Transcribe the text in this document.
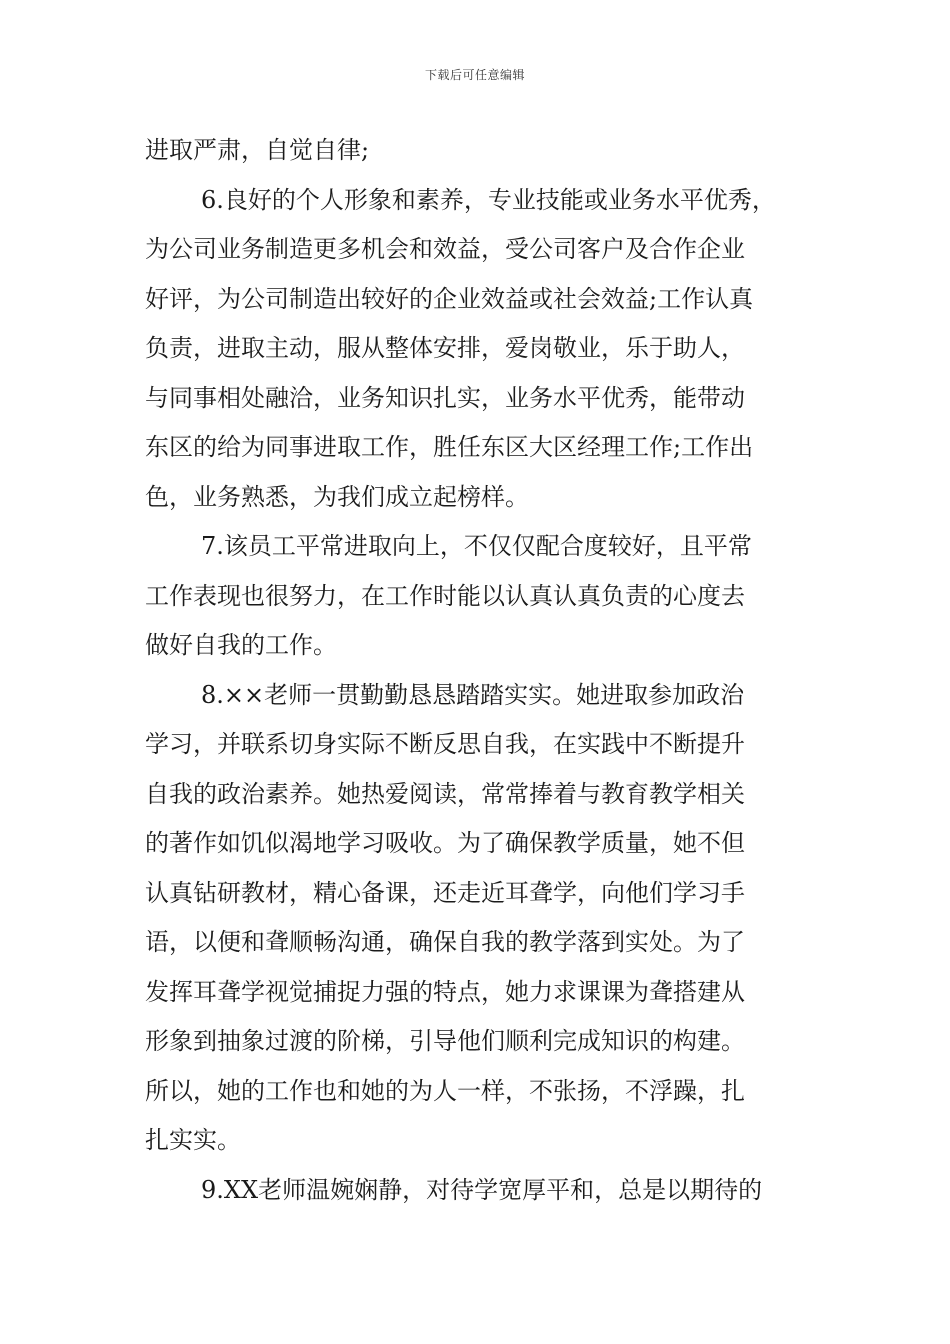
下载后可任意编辑
进取严肃，自觉自律;
6.良好的个人形象和素养，专业技能或业务水平优秀，
为公司业务制造更多机会和效益，受公司客户及合作企业
好评，为公司制造出较好的企业效益或社会效益;工作认真
负责，进取主动，服从整体安排，爱岗敬业，乐于助人，
与同事相处融洽，业务知识扎实，业务水平优秀，能带动
东区的给为同事进取工作，胜任东区大区经理工作;工作出
色，业务熟悉，为我们成立起榜样。
7.该员工平常进取向上，不仅仅配合度较好，且平常
工作表现也很努力，在工作时能以认真认真负责的心度去
做好自我的工作。
8.××老师一贯勤勤恳恳踏踏实实。她进取参加政治
学习，并联系切身实际不断反思自我，在实践中不断提升
自我的政治素养。她热爱阅读，常常捧着与教育教学相关
的著作如饥似渴地学习吸收。为了确保教学质量，她不但
认真钻研教材，精心备课，还走近耳聋学，向他们学习手
语，以便和聋顺畅沟通，确保自我的教学落到实处。为了
发挥耳聋学视觉捕捉力强的特点，她力求课课为聋搭建从
形象到抽象过渡的阶梯，引导他们顺利完成知识的构建。
所以，她的工作也和她的为人一样，不张扬，不浮躁，扎
扎实实。
9.XX老师温婉娴静，对待学宽厚平和，总是以期待的
